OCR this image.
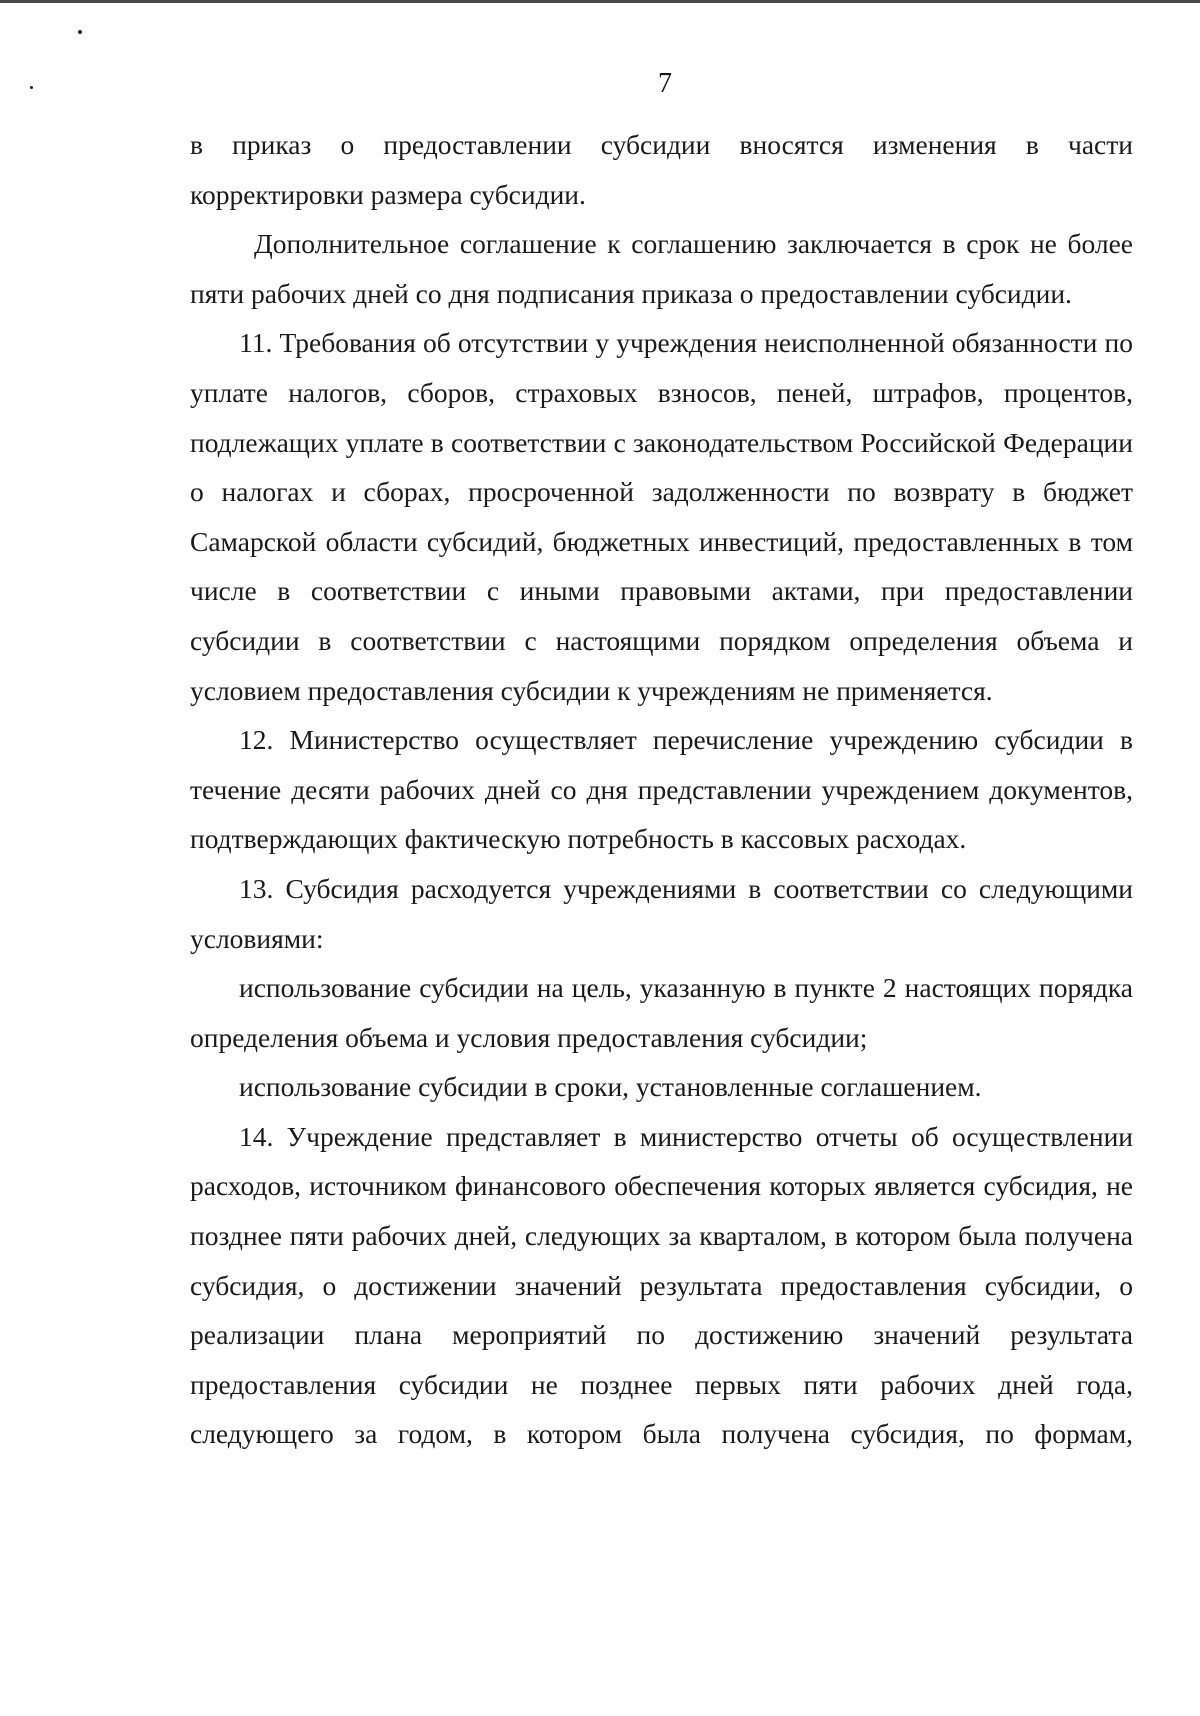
7

в приказ о предоставлении субсидии вносятся изменения в части корректировки размера субсидии.

Дополнительное соглашение к соглашению заключается в срок не более пяти рабочих дней со дня подписания приказа о предоставлении субсидии.

11. Требования об отсутствии у учреждения неисполненной обязанности по уплате налогов, сборов, страховых взносов, пеней, штрафов, процентов, подлежащих уплате в соответствии с законодательством Российской Федерации о налогах и сборах, просроченной задолженности по возврату в бюджет Самарской области субсидий, бюджетных инвестиций, предоставленных в том числе в соответствии с иными правовыми актами, при предоставлении субсидии в соответствии с настоящими порядком определения объема и условием предоставления субсидии к учреждениям не применяется.

12. Министерство осуществляет перечисление учреждению субсидии в течение десяти рабочих дней со дня представлении учреждением документов, подтверждающих фактическую потребность в кассовых расходах.

13. Субсидия расходуется учреждениями в соответствии со следующими условиями:

использование субсидии на цель, указанную в пункте 2 настоящих порядка определения объема и условия предоставления субсидии;

использование субсидии в сроки, установленные соглашением.

14. Учреждение представляет в министерство отчеты об осуществлении расходов, источником финансового обеспечения которых является субсидия, не позднее пяти рабочих дней, следующих за кварталом, в котором была получена субсидия, о достижении значений результата предоставления субсидии, о реализации плана мероприятий по достижению значений результата предоставления субсидии не позднее первых пяти рабочих дней года, следующего за годом, в котором была получена субсидия, по формам,
